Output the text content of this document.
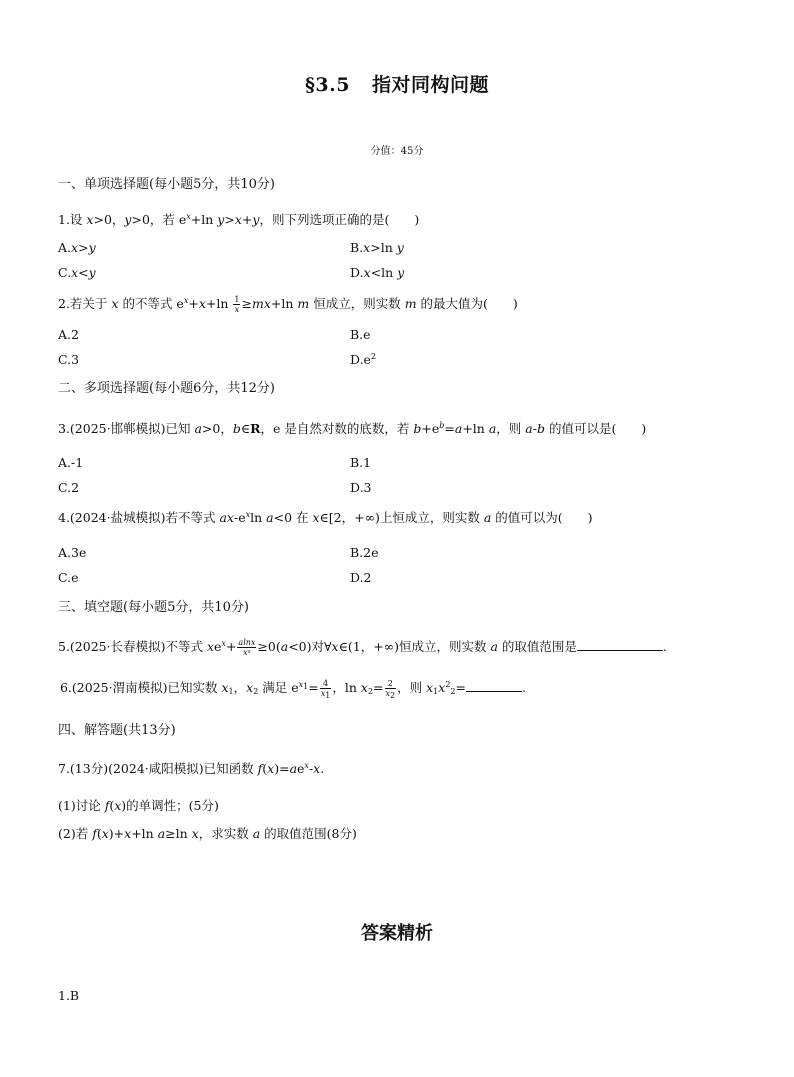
§3.5 指对同构问题
分值：45分
一、单项选择题(每小题5分，共10分)
1.设 x>0，y>0，若 $e^x+\ln$ y>x+y，则下列选项正确的是(　　)
A.x>y	B.x>ln y
C.x<y	D.x<ln y
2.若关于 x 的不等式 $e^x+x+\ln \frac{1}{x} \ge mx+\ln$ m 恒成立，则实数 m 的最大值为(　　)
A.2	B.e
C.3	$D.e^2$
二、多项选择题(每小题6分，共12分)
3.(2025·邯郸模拟)已知 a>0，b∈R，e 是自然对数的底数，若 $b+e^b=a+\ln$ a，则 a-b 的值可以是(　　)
A.-1	B.1
C.2	D.3
4.(2024·盐城模拟)若不等式 $ax-e^x\ln$ a<0 在 x∈[2，+∞)上恒成立，则实数 a 的值可以为(　　)
A.3e	B.2e
C.e	D.2
三、填空题(每小题5分，共10分)
5.(2025·长春模拟)不等式 $xe^x+ \frac{alnx}{\text{xᵃ}} \ge 0(a<0)$对∀x∈(1，+∞)恒成立，则实数 a 的取值范围是	.
6.(2025·渭南模拟)已知实数 $x_1$，$x_2$ 满足 $e^{x_1}= \frac{4}{x_1}$ ，$\ln x_2= \frac{2}{x_2}$ ，则 $x_1x^2_2=$	.
四、解答题(共13分)
7.(13分)(2024·咸阳模拟)已知函数 $f(x)=ae^x-x$.
(1)讨论 f(x)的单调性；(5分)
(2)若 f(x)+x+ln a≥ln x，求实数 a 的取值范围(8分)
答案精析
1.B
